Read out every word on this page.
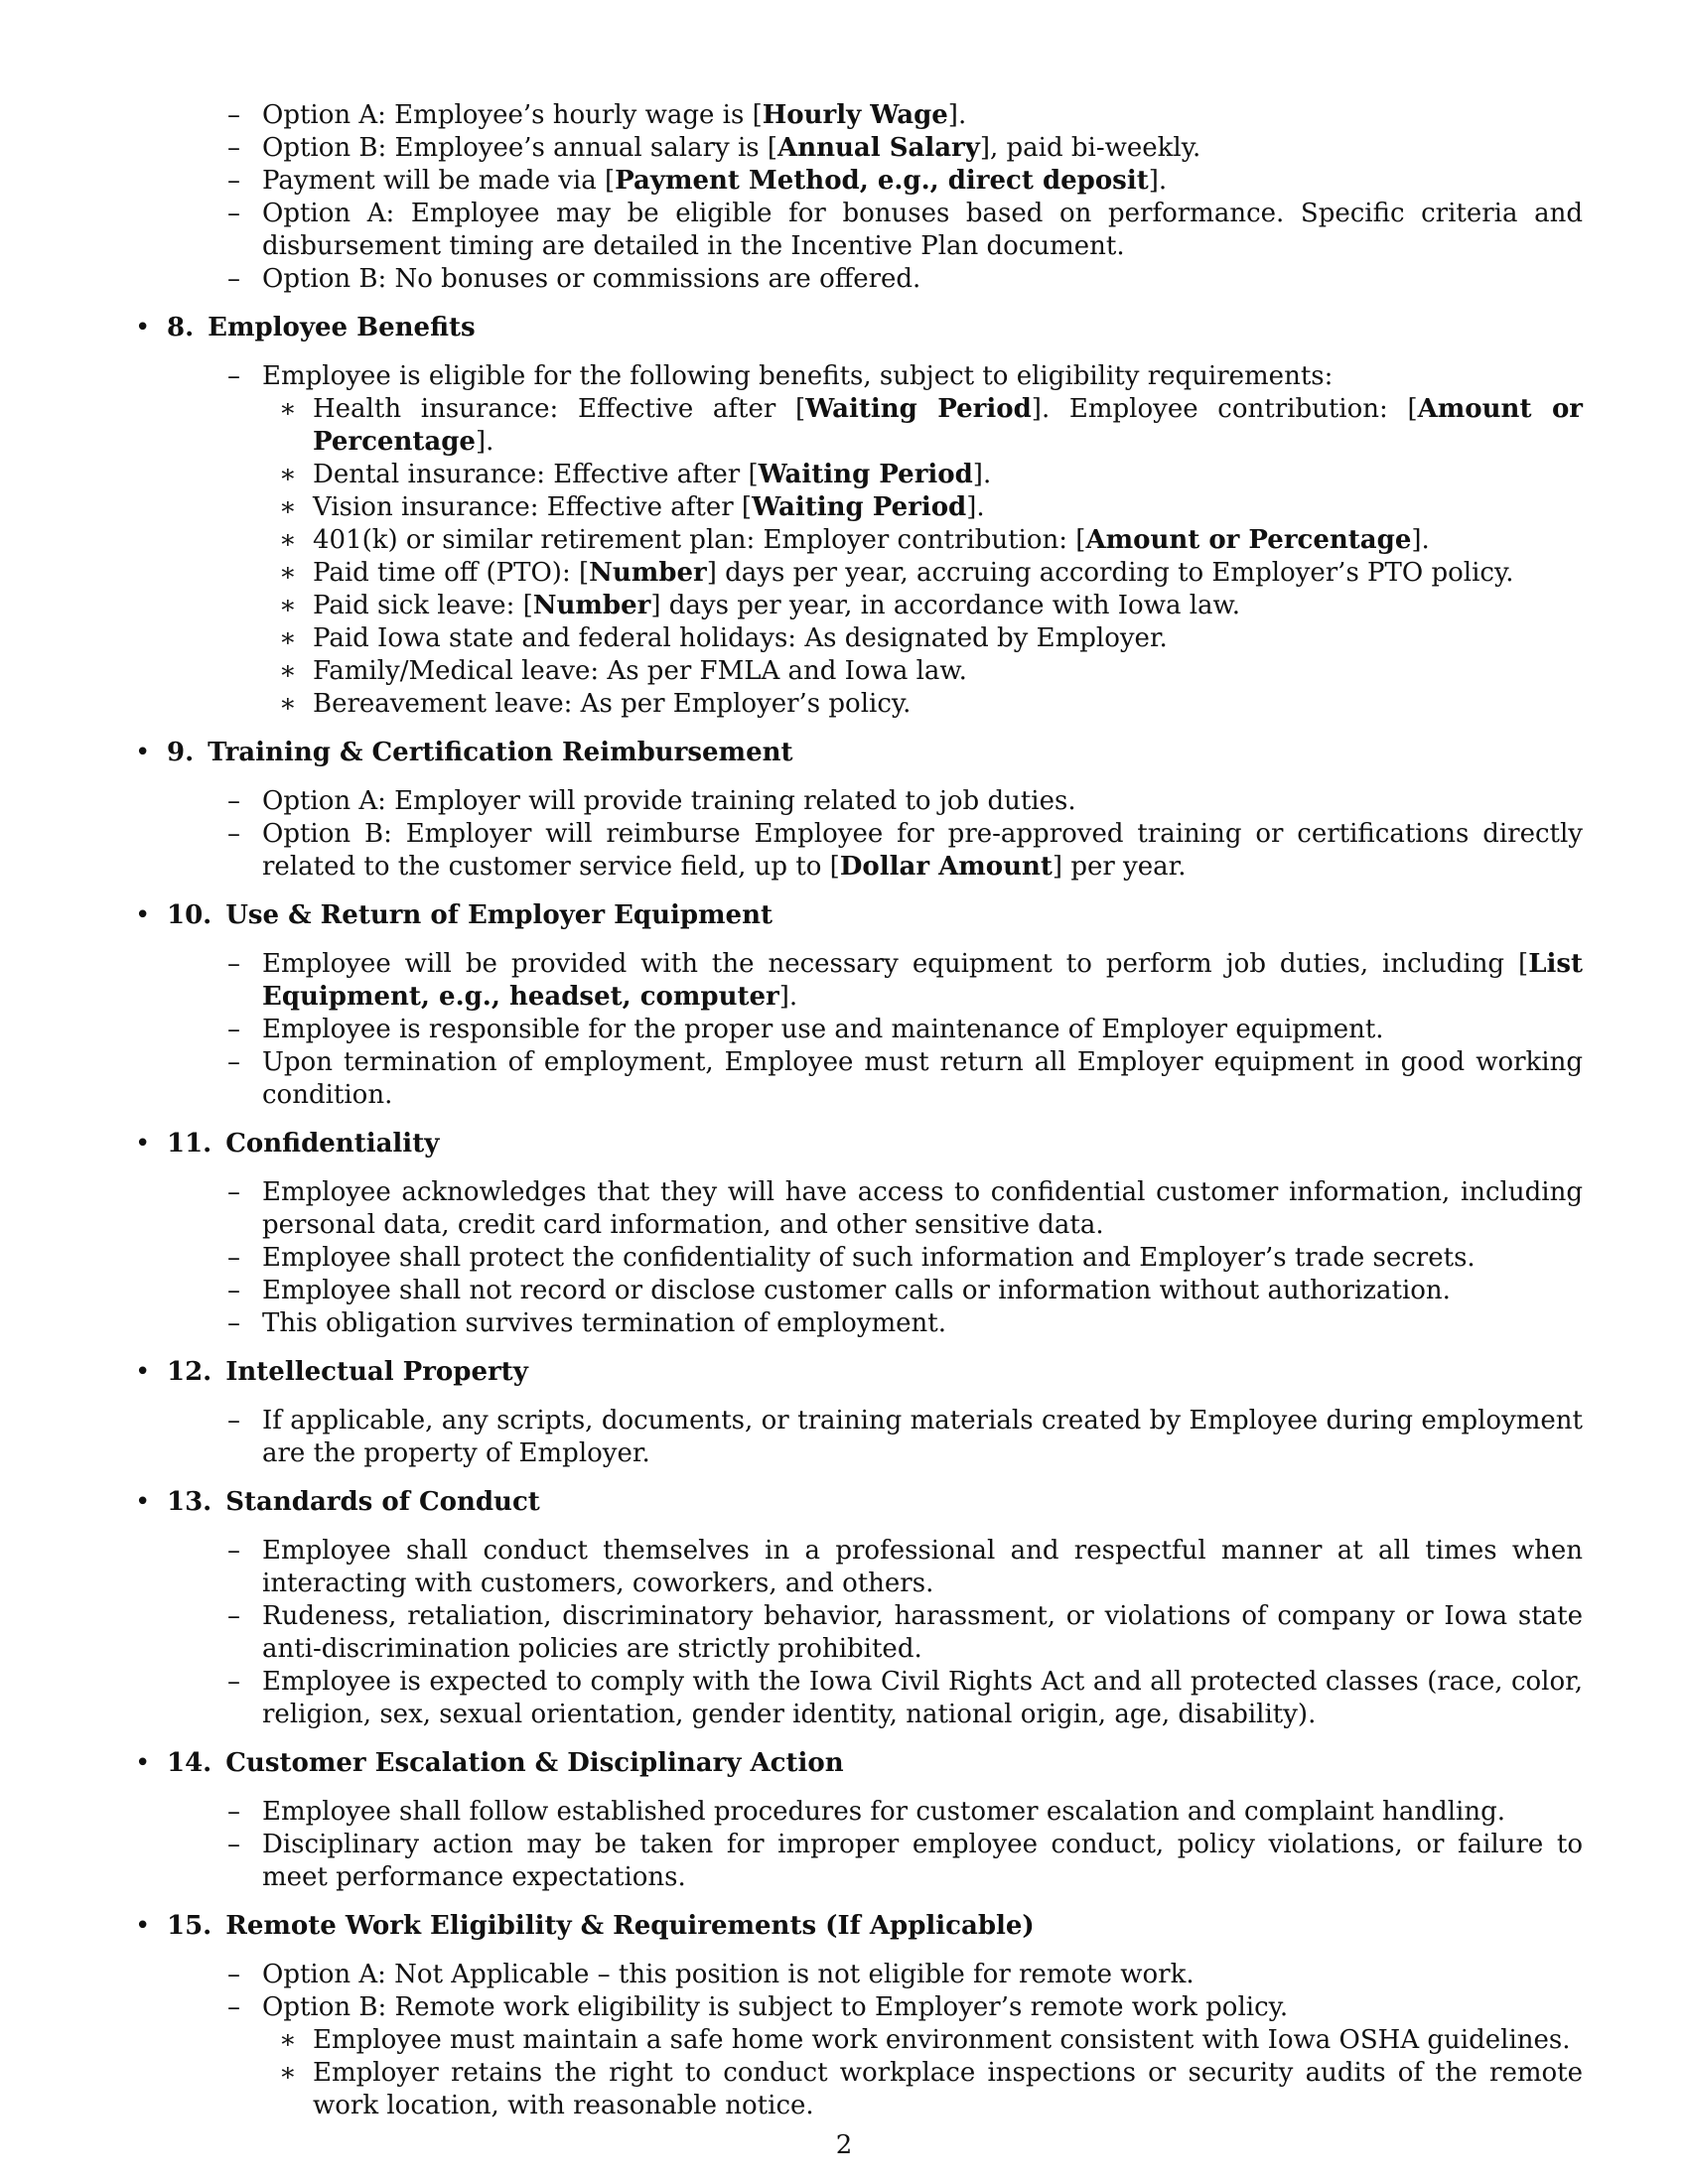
– Option A: Employee’s hourly wage is [Hourly Wage].
– Option B: Employee’s annual salary is [Annual Salary], paid bi-weekly.
– Payment will be made via [Payment Method, e.g., direct deposit].
– Option A: Employee may be eligible for bonuses based on performance. Specific criteria and disbursement timing are detailed in the Incentive Plan document.
– Option B: No bonuses or commissions are offered.
• 8. Employee Benefits
– Employee is eligible for the following benefits, subject to eligibility requirements:
∗ Health insurance: Effective after [Waiting Period]. Employee contribution: [Amount or Percentage].
∗ Dental insurance: Effective after [Waiting Period].
∗ Vision insurance: Effective after [Waiting Period].
∗ 401(k) or similar retirement plan: Employer contribution: [Amount or Percentage].
∗ Paid time off (PTO): [Number] days per year, accruing according to Employer’s PTO policy.
∗ Paid sick leave: [Number] days per year, in accordance with Iowa law.
∗ Paid Iowa state and federal holidays: As designated by Employer.
∗ Family/Medical leave: As per FMLA and Iowa law.
∗ Bereavement leave: As per Employer’s policy.
• 9. Training & Certification Reimbursement
– Option A: Employer will provide training related to job duties.
– Option B: Employer will reimburse Employee for pre-approved training or certifications directly related to the customer service field, up to [Dollar Amount] per year.
• 10. Use & Return of Employer Equipment
– Employee will be provided with the necessary equipment to perform job duties, including [List Equipment, e.g., headset, computer].
– Employee is responsible for the proper use and maintenance of Employer equipment.
– Upon termination of employment, Employee must return all Employer equipment in good working condition.
• 11. Confidentiality
– Employee acknowledges that they will have access to confidential customer information, including personal data, credit card information, and other sensitive data.
– Employee shall protect the confidentiality of such information and Employer’s trade secrets.
– Employee shall not record or disclose customer calls or information without authorization.
– This obligation survives termination of employment.
• 12. Intellectual Property
– If applicable, any scripts, documents, or training materials created by Employee during employment are the property of Employer.
• 13. Standards of Conduct
– Employee shall conduct themselves in a professional and respectful manner at all times when interacting with customers, coworkers, and others.
– Rudeness, retaliation, discriminatory behavior, harassment, or violations of company or Iowa state anti-discrimination policies are strictly prohibited.
– Employee is expected to comply with the Iowa Civil Rights Act and all protected classes (race, color, religion, sex, sexual orientation, gender identity, national origin, age, disability).
• 14. Customer Escalation & Disciplinary Action
– Employee shall follow established procedures for customer escalation and complaint handling.
– Disciplinary action may be taken for improper employee conduct, policy violations, or failure to meet performance expectations.
• 15. Remote Work Eligibility & Requirements (If Applicable)
– Option A: Not Applicable – this position is not eligible for remote work.
– Option B: Remote work eligibility is subject to Employer’s remote work policy.
∗ Employee must maintain a safe home work environment consistent with Iowa OSHA guidelines.
∗ Employer retains the right to conduct workplace inspections or security audits of the remote work location, with reasonable notice.
2
